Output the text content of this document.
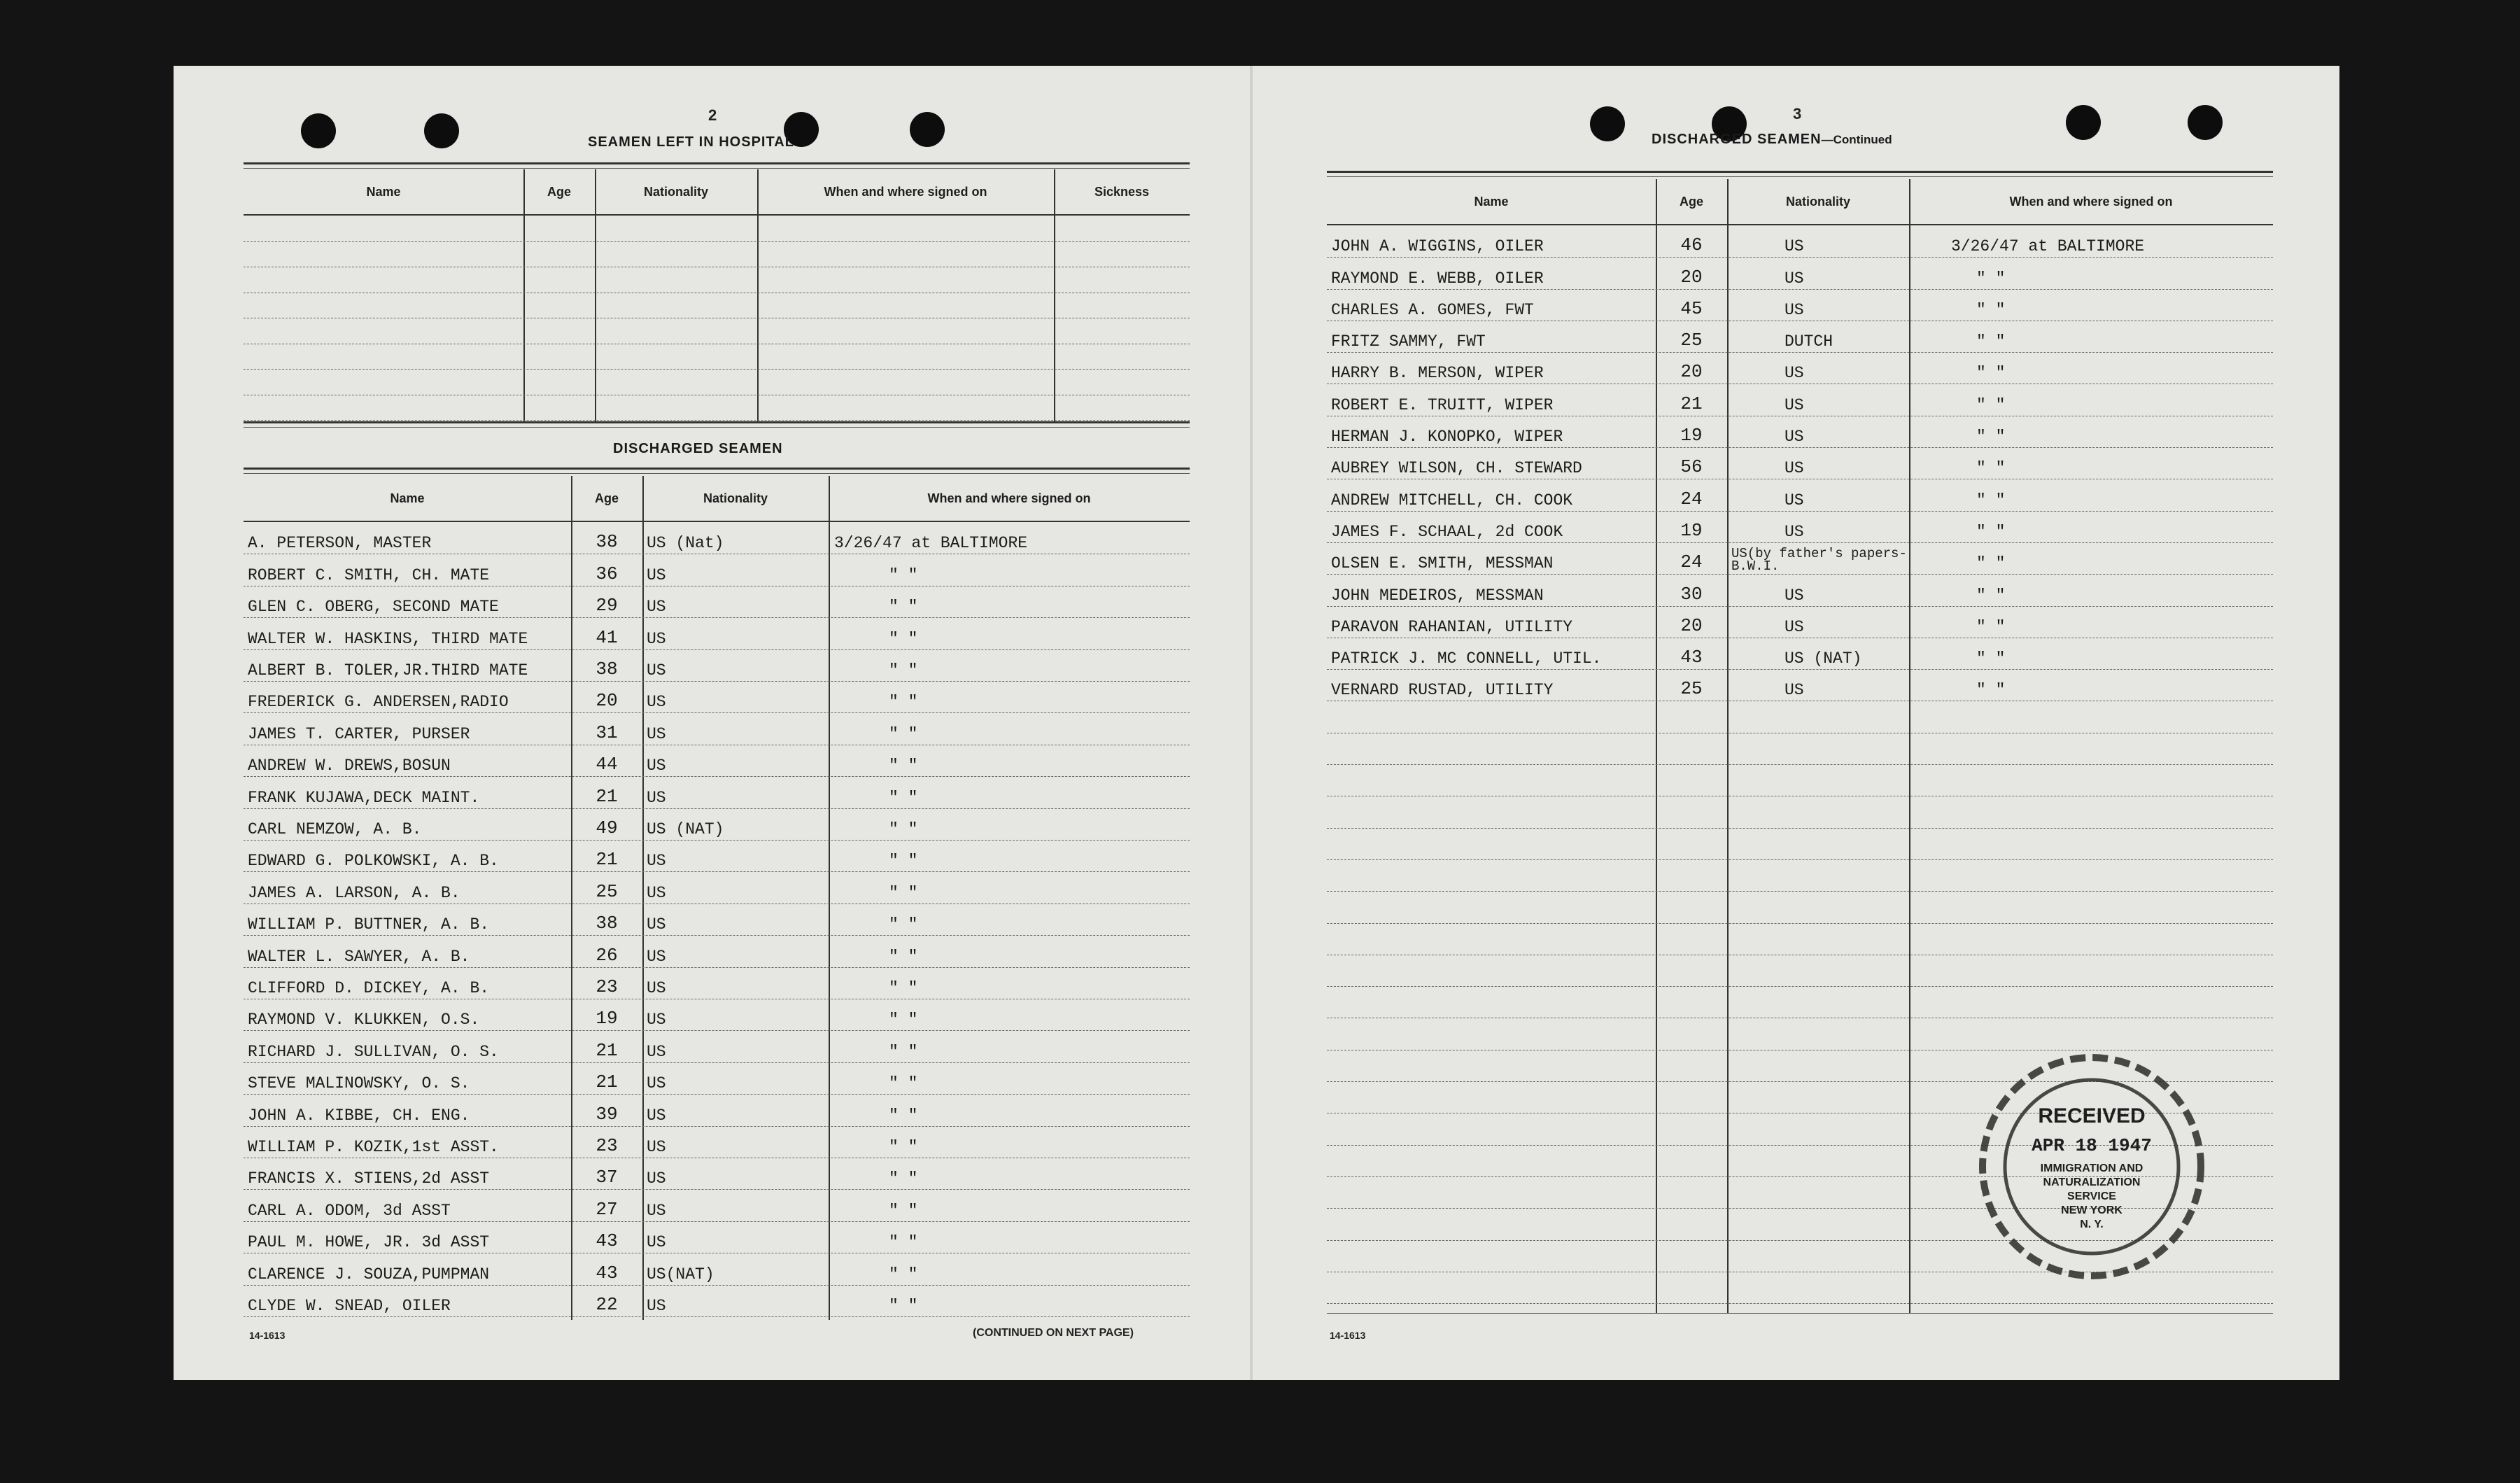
2
SEAMEN LEFT IN HOSPITAL
Name	Age	Nationality	When and where signed on	Sickness
DISCHARGED SEAMEN
Name	Age	Nationality	When and where signed on
A. PETERSON, MASTER	38	US (Nat)	3/26/47 at BALTIMORE
ROBERT C. SMITH, CH. MATE	36	US	" "
GLEN C. OBERG, SECOND MATE	29	US	" "
WALTER W. HASKINS, THIRD MATE	41	US	" "
ALBERT B. TOLER,JR.THIRD MATE	38	US	" "
FREDERICK G. ANDERSEN,RADIO	20	US	" "
JAMES T. CARTER, PURSER	31	US	" "
ANDREW W. DREWS,BOSUN	44	US	" "
FRANK KUJAWA,DECK MAINT.	21	US	" "
CARL NEMZOW, A. B.	49	US (NAT)	" "
EDWARD G. POLKOWSKI, A. B.	21	US	" "
JAMES A. LARSON, A. B.	25	US	" "
WILLIAM P. BUTTNER, A. B.	38	US	" "
WALTER L. SAWYER, A. B.	26	US	" "
CLIFFORD D. DICKEY, A. B.	23	US	" "
RAYMOND V. KLUKKEN, O.S.	19	US	" "
RICHARD J. SULLIVAN, O. S.	21	US	" "
STEVE MALINOWSKY, O. S.	21	US	" "
JOHN A. KIBBE, CH. ENG.	39	US	" "
WILLIAM P. KOZIK,1st ASST.	23	US	" "
FRANCIS X. STIENS,2d ASST	37	US	" "
CARL A. ODOM, 3d ASST	27	US	" "
PAUL M. HOWE, JR. 3d ASST	43	US	" "
CLARENCE J. SOUZA,PUMPMAN	43	US(NAT)	" "
CLYDE W. SNEAD, OILER	22	US	" "
14-1613	(CONTINUED ON NEXT PAGE)
3
DISCHARGED SEAMEN—Continued
Name	Age	Nationality	When and where signed on
JOHN A. WIGGINS, OILER	46	US	3/26/47 at BALTIMORE
RAYMOND E. WEBB, OILER	20	US	" "
CHARLES A. GOMES, FWT	45	US	" "
FRITZ SAMMY, FWT	25	DUTCH	" "
HARRY B. MERSON, WIPER	20	US	" "
ROBERT E. TRUITT, WIPER	21	US	" "
HERMAN J. KONOPKO, WIPER	19	US	" "
AUBREY WILSON, CH. STEWARD	56	US	" "
ANDREW MITCHELL, CH. COOK	24	US	" "
JAMES F. SCHAAL, 2d COOK	19	US	" "
OLSEN E. SMITH, MESSMAN	24	US(by father's papers-B.W.I.	" "
JOHN MEDEIROS, MESSMAN	30	US	" "
PARAVON RAHANIAN, UTILITY	20	US	" "
PATRICK J. MC CONNELL, UTIL.	43	US (NAT)	" "
VERNARD RUSTAD, UTILITY	25	US	" "
14-1613
RECEIVED
APR 18 1947
IMMIGRATION AND
NATURALIZATION
SERVICE
NEW YORK
N. Y.
